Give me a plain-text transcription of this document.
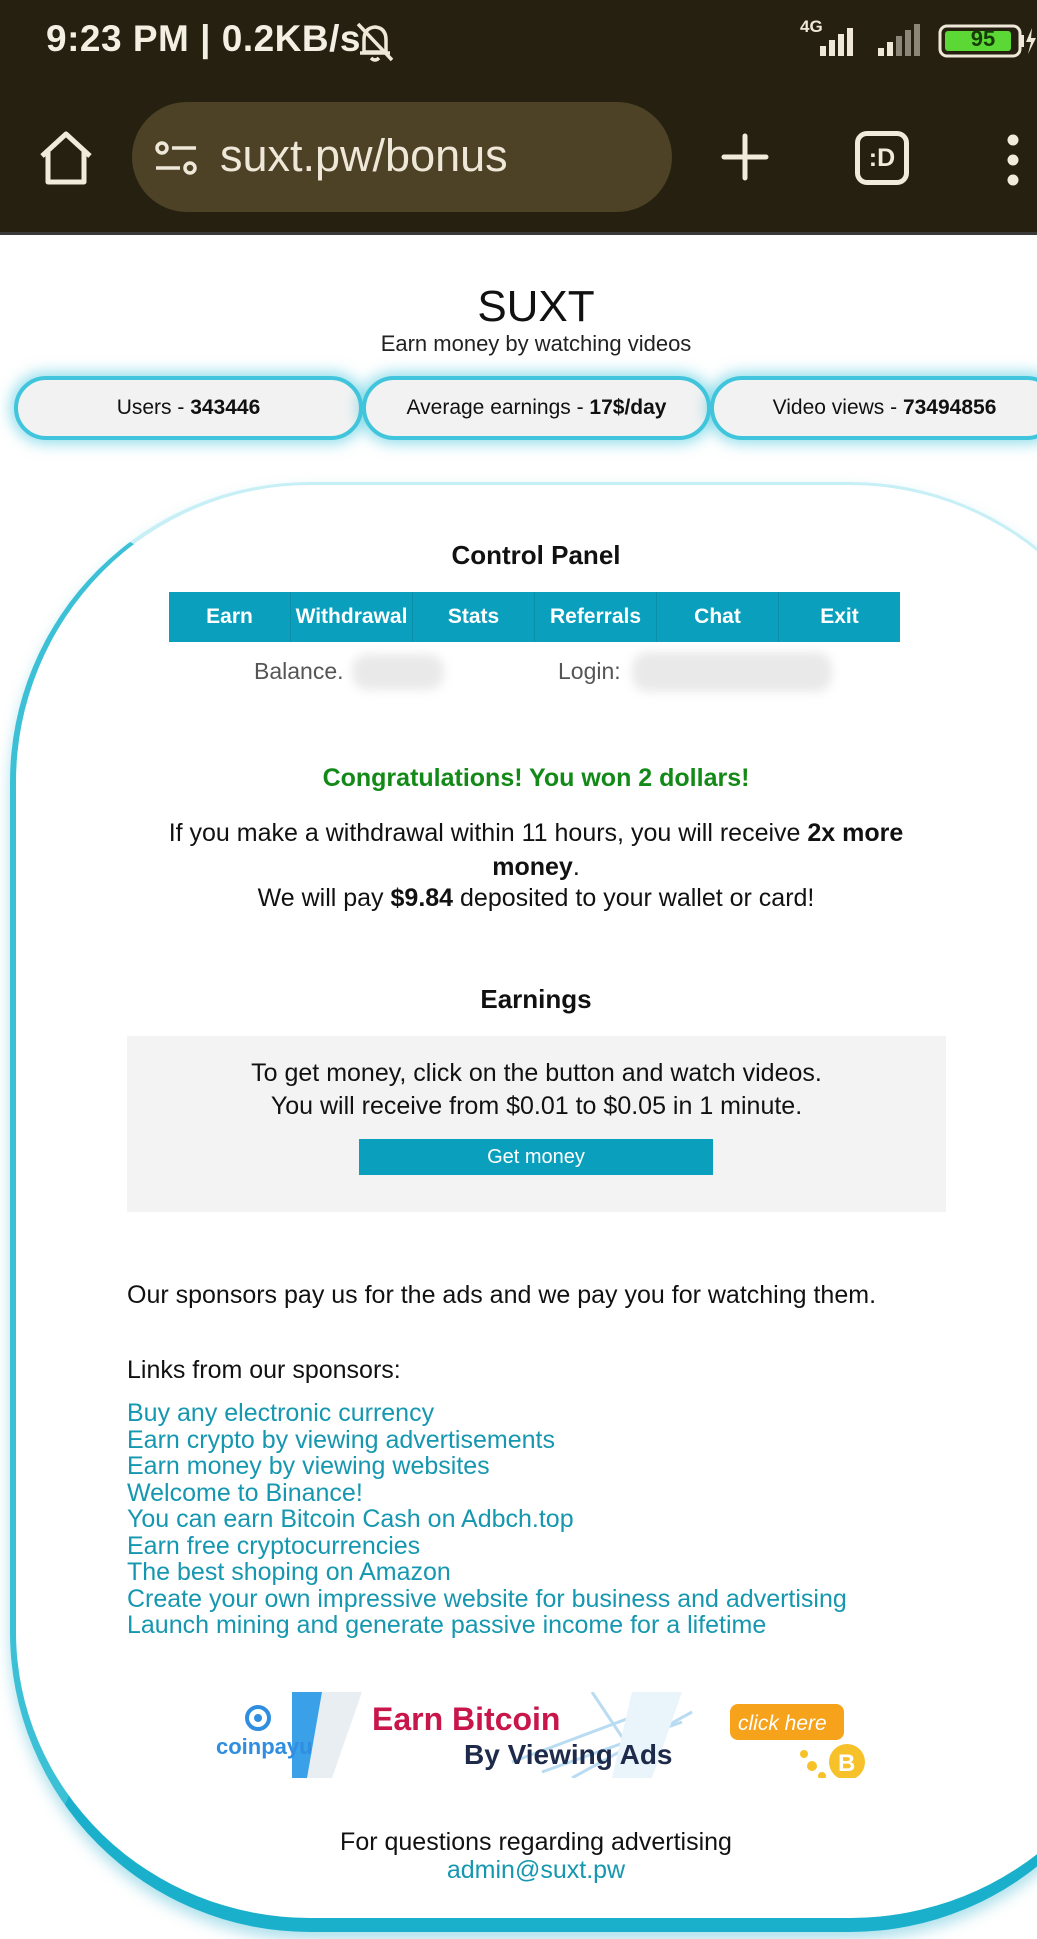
9:23 PM | 0.2KB/s	4G	95
suxt.pw/bonus	:D
SUXT
Earn money by watching videos
Users - 343446	Average earnings - 17$/day	Video views - 73494856
Control Panel
Earn	Withdrawal	Stats	Referrals	Chat	Exit
Balance.	Login:
Congratulations! You won 2 dollars!
If you make a withdrawal within 11 hours, you will receive 2x more money.
We will pay $9.84 deposited to your wallet or card!
Earnings
To get money, click on the button and watch videos.
You will receive from $0.01 to $0.05 in 1 minute.
Get money
Our sponsors pay us for the ads and we pay you for watching them.
Links from our sponsors:
Buy any electronic currency
Earn crypto by viewing advertisements
Earn money by viewing websites
Welcome to Binance!
You can earn Bitcoin Cash on Adbch.top
Earn free cryptocurrencies
The best shoping on Amazon
Create your own impressive website for business and advertising
Launch mining and generate passive income for a lifetime
coinpayu
Earn Bitcoin
By Viewing Ads
click here
B
For questions regarding advertising
admin@suxt.pw
